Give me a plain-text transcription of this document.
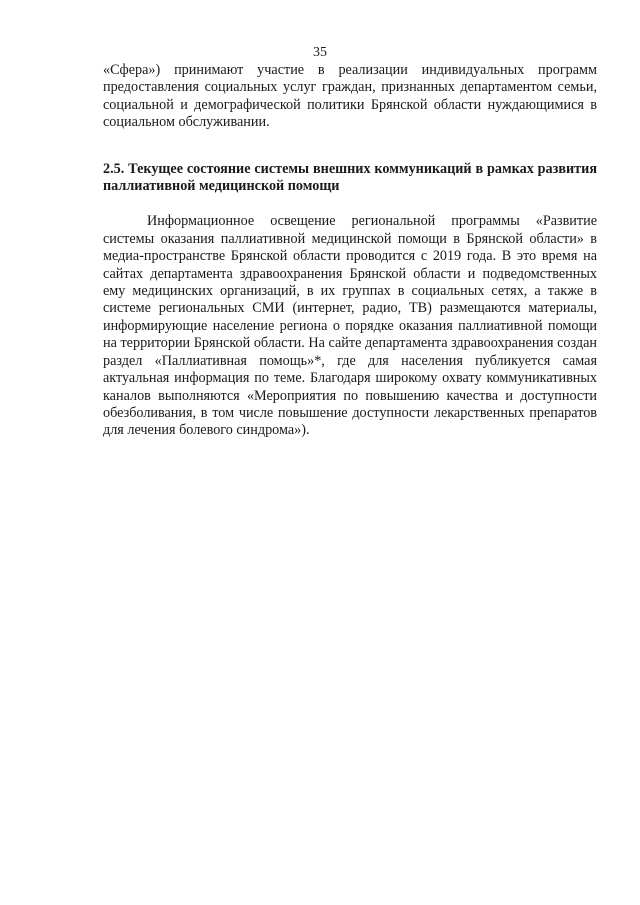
35

«Сфера») принимают участие в реализации индивидуальных программ предоставления социальных услуг граждан, признанных департаментом семьи, социальной и демографической политики Брянской области нуждающимися в социальном обслуживании.

2.5. Текущее состояние системы внешних коммуникаций в рамках развития паллиативной медицинской помощи

Информационное освещение региональной программы «Развитие системы оказания паллиативной медицинской помощи в Брянской области» в медиа-пространстве Брянской области проводится с 2019 года. В это время на сайтах департамента здравоохранения Брянской области и подведомственных ему медицинских организаций, в их группах в социальных сетях, а также в системе региональных СМИ (интернет, радио, ТВ) размещаются материалы, информирующие население региона о порядке оказания паллиативной помощи на территории Брянской области. На сайте департамента здравоохранения создан раздел «Паллиативная помощь»*, где для населения публикуется самая актуальная информация по теме. Благодаря широкому охвату коммуникативных каналов выполняются «Мероприятия по повышению качества и доступности обезболивания, в том числе повышение доступности лекарственных препаратов для лечения болевого синдрома»).
